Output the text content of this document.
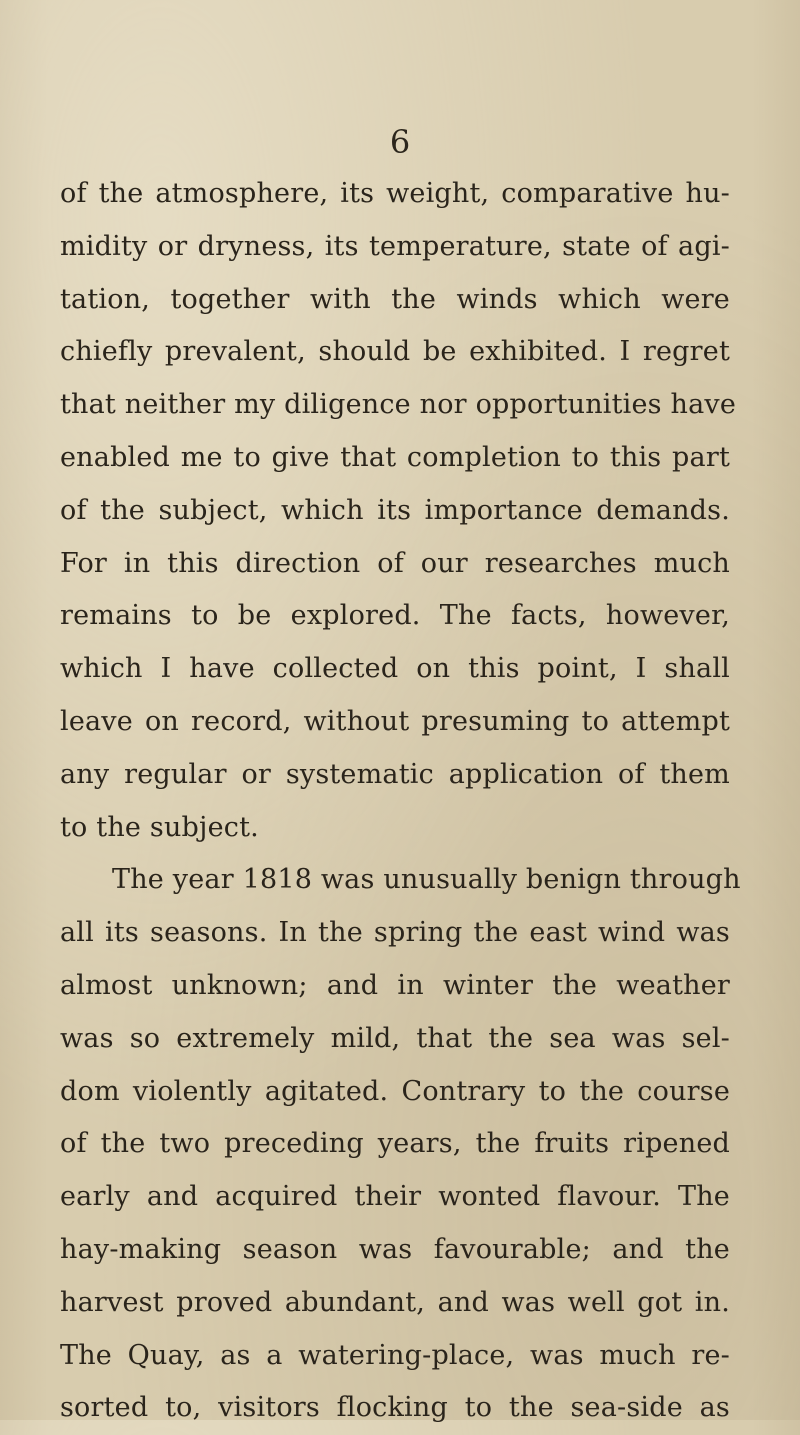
6
of the atmosphere, its weight, comparative hu-
midity or dryness, its temperature, state of agi-
tation, together with the winds which were
chiefly prevalent, should be exhibited. I regret
that neither my diligence nor opportunities have
enabled me to give that completion to this part
of the subject, which its importance demands.
For in this direction of our researches much
remains to be explored. The facts, however,
which I have collected on this point, I shall
leave on record, without presuming to attempt
any regular or systematic application of them
to the subject.
The year 1818 was unusually benign through
all its seasons. In the spring the east wind was
almost unknown; and in winter the weather
was so extremely mild, that the sea was sel-
dom violently agitated. Contrary to the course
of the two preceding years, the fruits ripened
early and acquired their wonted flavour. The
hay-making season was favourable; and the
harvest proved abundant, and was well got in.
The Quay, as a watering-place, was much re-
sorted to, visitors flocking to the sea-side as
